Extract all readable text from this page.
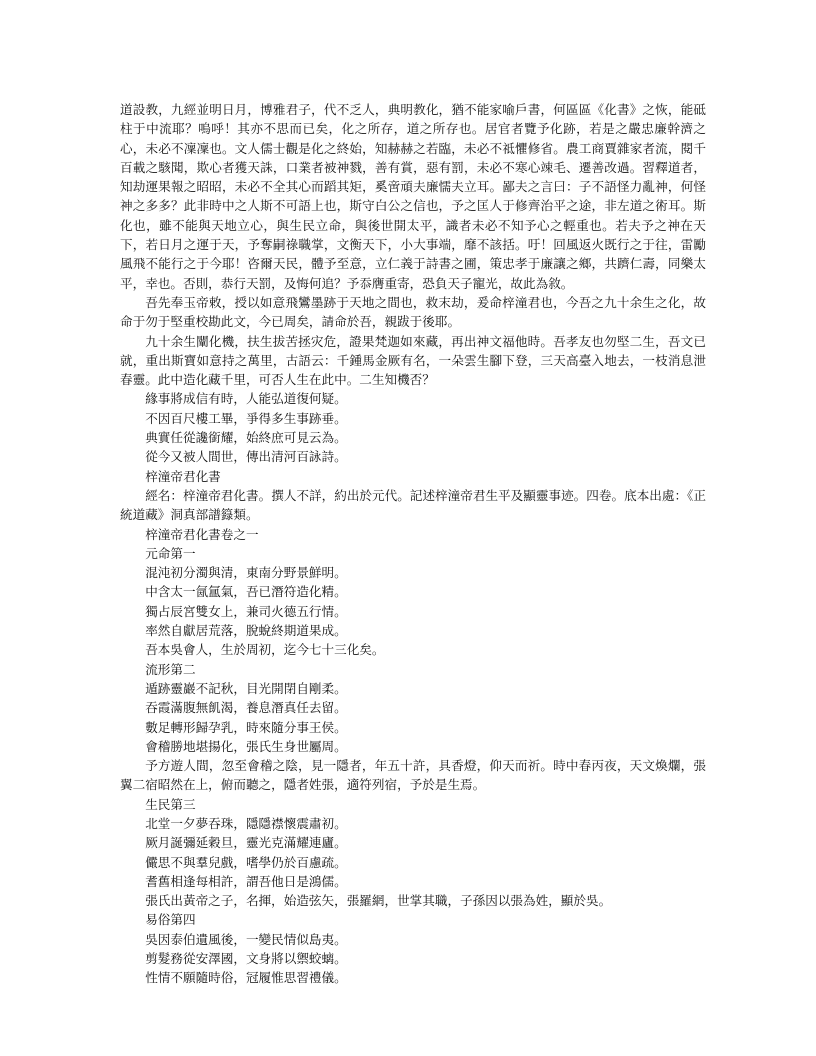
道設教，九經並明日月，博雅君子，代不乏人，典明教化，猶不能家喻戶書，何區區《化書》之恢，能砥柱于中流耶？嗚呼！其亦不思而已矣，化之所存，道之所存也。居官者覽予化跡，若是之嚴忠廉幹濟之心，未必不凜凜也。文人儒士觀是化之終始，知赫赫之若臨，未必不祗懼修省。農工商賈雜家者流，閱千百載之駭聞，欺心者獲天誅，口業者被神戮，善有賞，惡有罰，未必不寒心竦毛、遷善改過。習釋道者，知劫運果報之昭昭，未必不全其心而蹈其矩，奚啻頑夫廉懦夫立耳。鄙夫之言曰：子不語怪力亂神，何怪神之多多？此非時中之人斯不可語上也，斯守白公之信也，予之匡人于修齊治平之途，非左道之術耳。斯化也，雖不能與天地立心，與生民立命，與後世開太平，識者未必不知予心之輕重也。若夫予之神在天下，若日月之運于天，予奪嗣祿職掌，文衡天下，小大事端，靡不該括。吁！回風返火既行之于往，雷勵風飛不能行之于今耶！咨爾天民，體予至意，立仁義于詩書之圃，策忠孝于廉讓之鄉，共躋仁壽，同樂太平，幸也。否則，恭行天罰，及悔何追？予忝膺重寄，恐負天子寵光，故此為敘。

吾先奉玉帝敕，授以如意飛鸞墨跡于天地之間也，救末劫，爰命梓潼君也，今吾之九十余生之化，故命于勿于堅重校勘此文，今已周矣，請命於吾，親跋于後耶。

九十余生闡化機，扶生拔苦拯灾危，證果梵迦如來藏，再出神文福他時。吾孝友也勿堅二生，吾文已就，重出斯寶如意持之萬里，古語云：千鍾馬金厥有名，一朵雲生腳下登，三天高臺入地去，一枝消息泄春靈。此中造化藏千里，可否人生在此中。二生知機否？

緣事將成信有時，人能弘道復何疑。

不因百尺樓工畢，爭得多生事跡垂。

典實任從讒銜耀，始終庶可見云為。

從今又被人間世，傳出清河百詠詩。

梓潼帝君化書

經名：梓潼帝君化書。撰人不詳，約出於元代。記述梓潼帝君生平及顯靈事迹。四卷。底本出處：《正統道藏》洞真部譜籙類。

梓潼帝君化書卷之一

元命第一

混沌初分濁與清，東南分野景鮮明。

中含太一氤氲氣，吾已潛符造化精。

獨占辰宮雙女上，兼司火德五行情。

率然自獻居荒落，脫蛻終期道果成。

吾本吳會人，生於周初，迄今七十三化矣。

流形第二

遁跡靈巖不記秋，目光開閉自剛柔。

吞霞滿腹無飢渴，養息潛真任去留。

數足轉形歸孕乳，時來隨分事王侯。

會稽勝地堪揚化，張氏生身世屬周。

予方遊人間，忽至會稽之陰，見一隱者，年五十許，具香燈，仰天而祈。時中春丙夜，天文煥爛，張翼二宿昭然在上，俯而聽之，隱者姓張，適符列宿，予於是生焉。

生民第三

北堂一夕夢吞珠，隱隱襟懷震肅初。

厥月誕彌延穀旦，靈光克滿耀連廬。

儼思不與羣兒戲，嗜學仍於百慮疏。

耆舊相逢每相許，謂吾他日是鴻儒。

張氏出黃帝之子，名揮，始造弦矢，張羅網，世掌其職，子孫因以張為姓，顯於吳。

易俗第四

吳因泰伯遺風後，一變民情似島夷。

剪髮務從安澤國，文身將以禦蛟螭。

性情不願隨時俗，冠履惟思習禮儀。
